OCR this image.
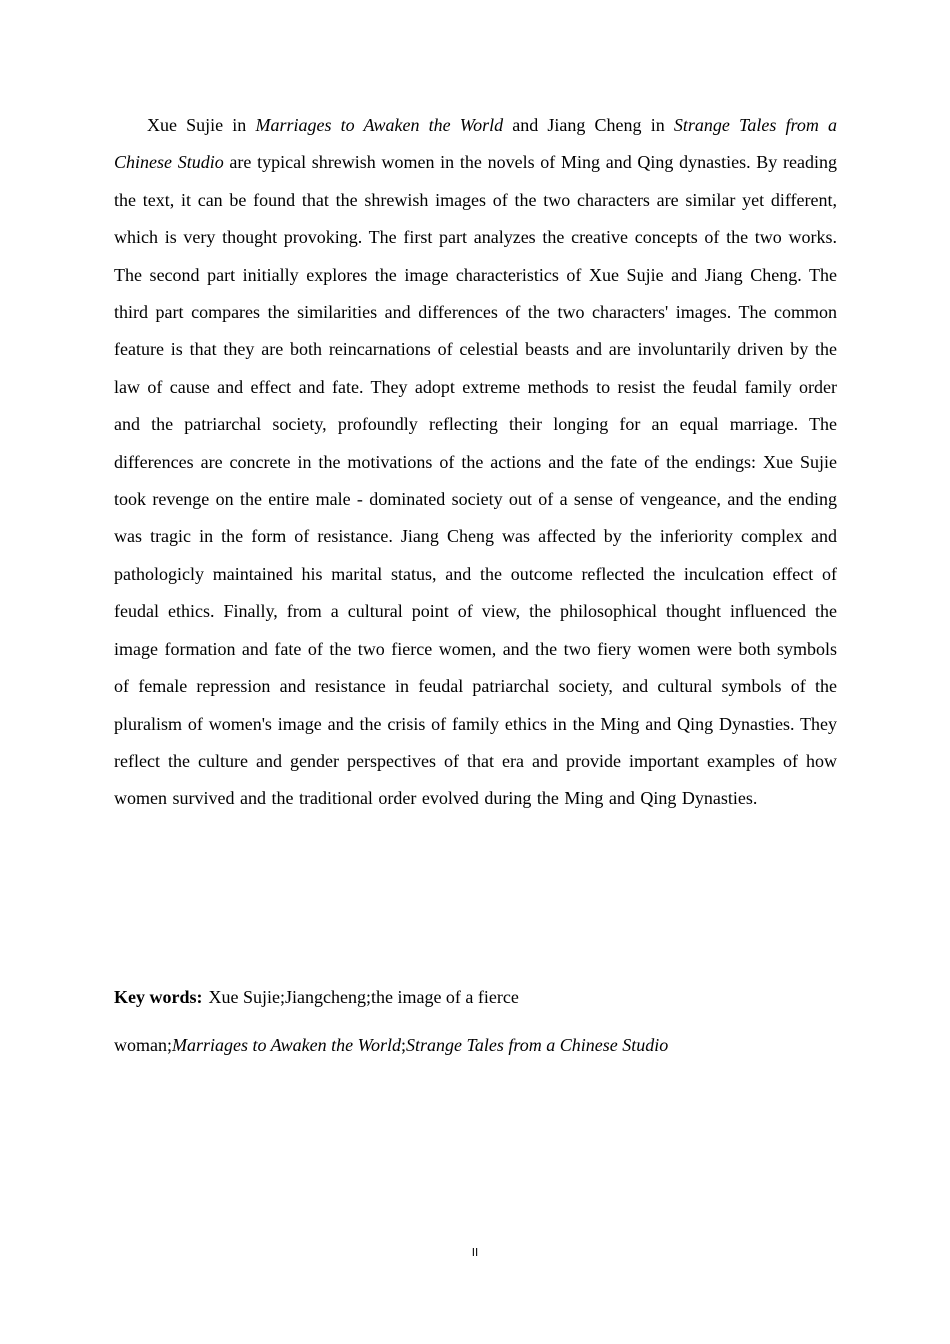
Xue Sujie in Marriages to Awaken the World and Jiang Cheng in Strange Tales from a Chinese Studio are typical shrewish women in the novels of Ming and Qing dynasties. By reading the text, it can be found that the shrewish images of the two characters are similar yet different, which is very thought provoking. The first part analyzes the creative concepts of the two works. The second part initially explores the image characteristics of Xue Sujie and Jiang Cheng. The third part compares the similarities and differences of the two characters' images. The common feature is that they are both reincarnations of celestial beasts and are involuntarily driven by the law of cause and effect and fate. They adopt extreme methods to resist the feudal family order and the patriarchal society, profoundly reflecting their longing for an equal marriage. The differences are concrete in the motivations of the actions and the fate of the endings: Xue Sujie took revenge on the entire male - dominated society out of a sense of vengeance, and the ending was tragic in the form of resistance. Jiang Cheng was affected by the inferiority complex and pathologicly maintained his marital status, and the outcome reflected the inculcation effect of feudal ethics. Finally, from a cultural point of view, the philosophical thought influenced the image formation and fate of the two fierce women, and the two fiery women were both symbols of female repression and resistance in feudal patriarchal society, and cultural symbols of the pluralism of women's image and the crisis of family ethics in the Ming and Qing Dynasties. They reflect the culture and gender perspectives of that era and provide important examples of how women survived and the traditional order evolved during the Ming and Qing Dynasties.

Key words: Xue Sujie;Jiangcheng;the image of a fierce
woman;Marriages to Awaken the World;Strange Tales from a Chinese Studio
II
